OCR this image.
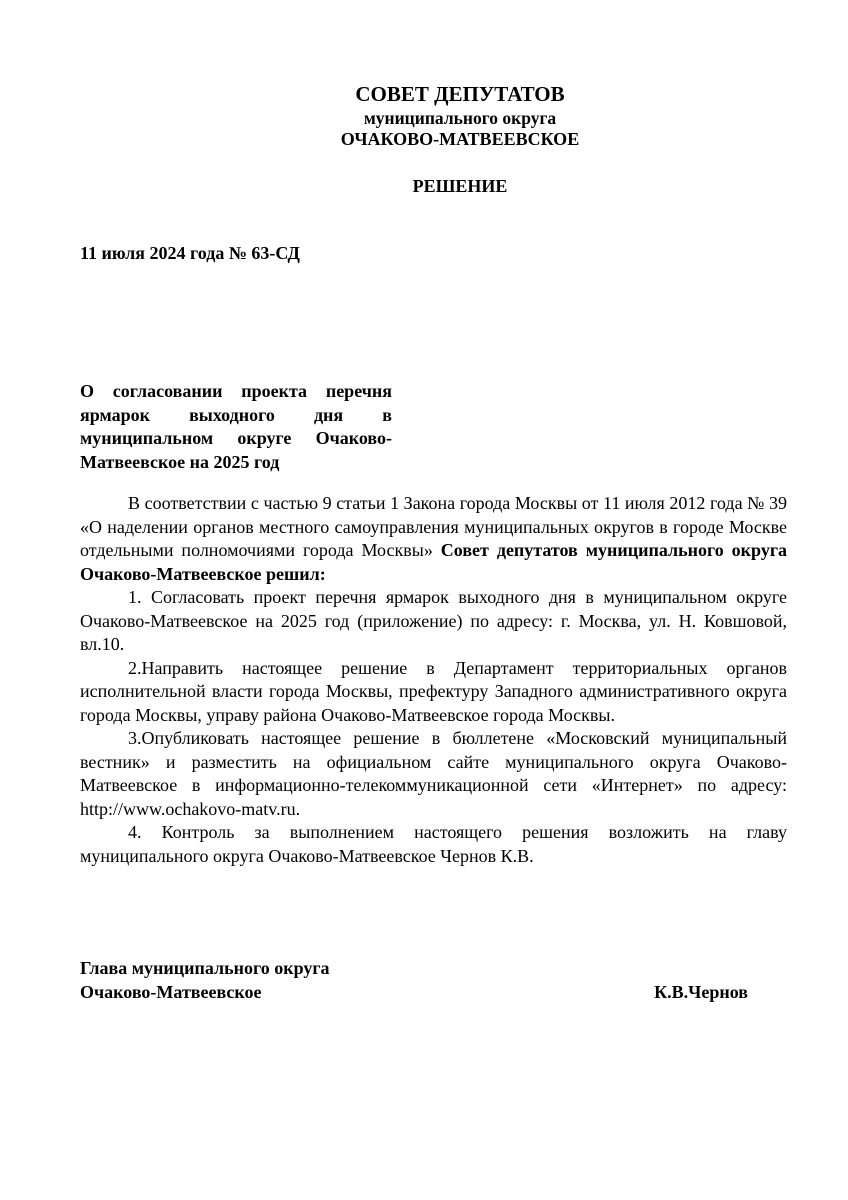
СОВЕТ ДЕПУТАТОВ
муниципального округа
ОЧАКОВО-МАТВЕЕВСКОЕ
РЕШЕНИЕ
11 июля 2024 года № 63-СД
О согласовании проекта перечня ярмарок выходного дня в муниципальном округе Очаково-Матвеевское на 2025 год

В соответствии с частью 9 статьи 1 Закона города Москвы от 11 июля 2012 года № 39 «О наделении органов местного самоуправления муниципальных округов в городе Москве отдельными полномочиями города Москвы» Совет депутатов муниципального округа Очаково-Матвеевское решил:

1. Согласовать проект перечня ярмарок выходного дня в муниципальном округе Очаково-Матвеевское на 2025 год (приложение) по адресу: г. Москва, ул. Н. Ковшовой, вл.10.

2.Направить настоящее решение в Департамент территориальных органов исполнительной власти города Москвы, префектуру Западного административного округа города Москвы, управу района Очаково-Матвеевское города Москвы.

3.Опубликовать настоящее решение в бюллетене «Московский муниципальный вестник» и разместить на официальном сайте муниципального округа Очаково-Матвеевское в информационно-телекоммуникационной сети «Интернет» по адресу: http://www.ochakovo-matv.ru.

4. Контроль за выполнением настоящего решения возложить на главу муниципального округа Очаково-Матвеевское Чернов К.В.

Глава муниципального округа
Очаково-Матвеевское	К.В.Чернов
